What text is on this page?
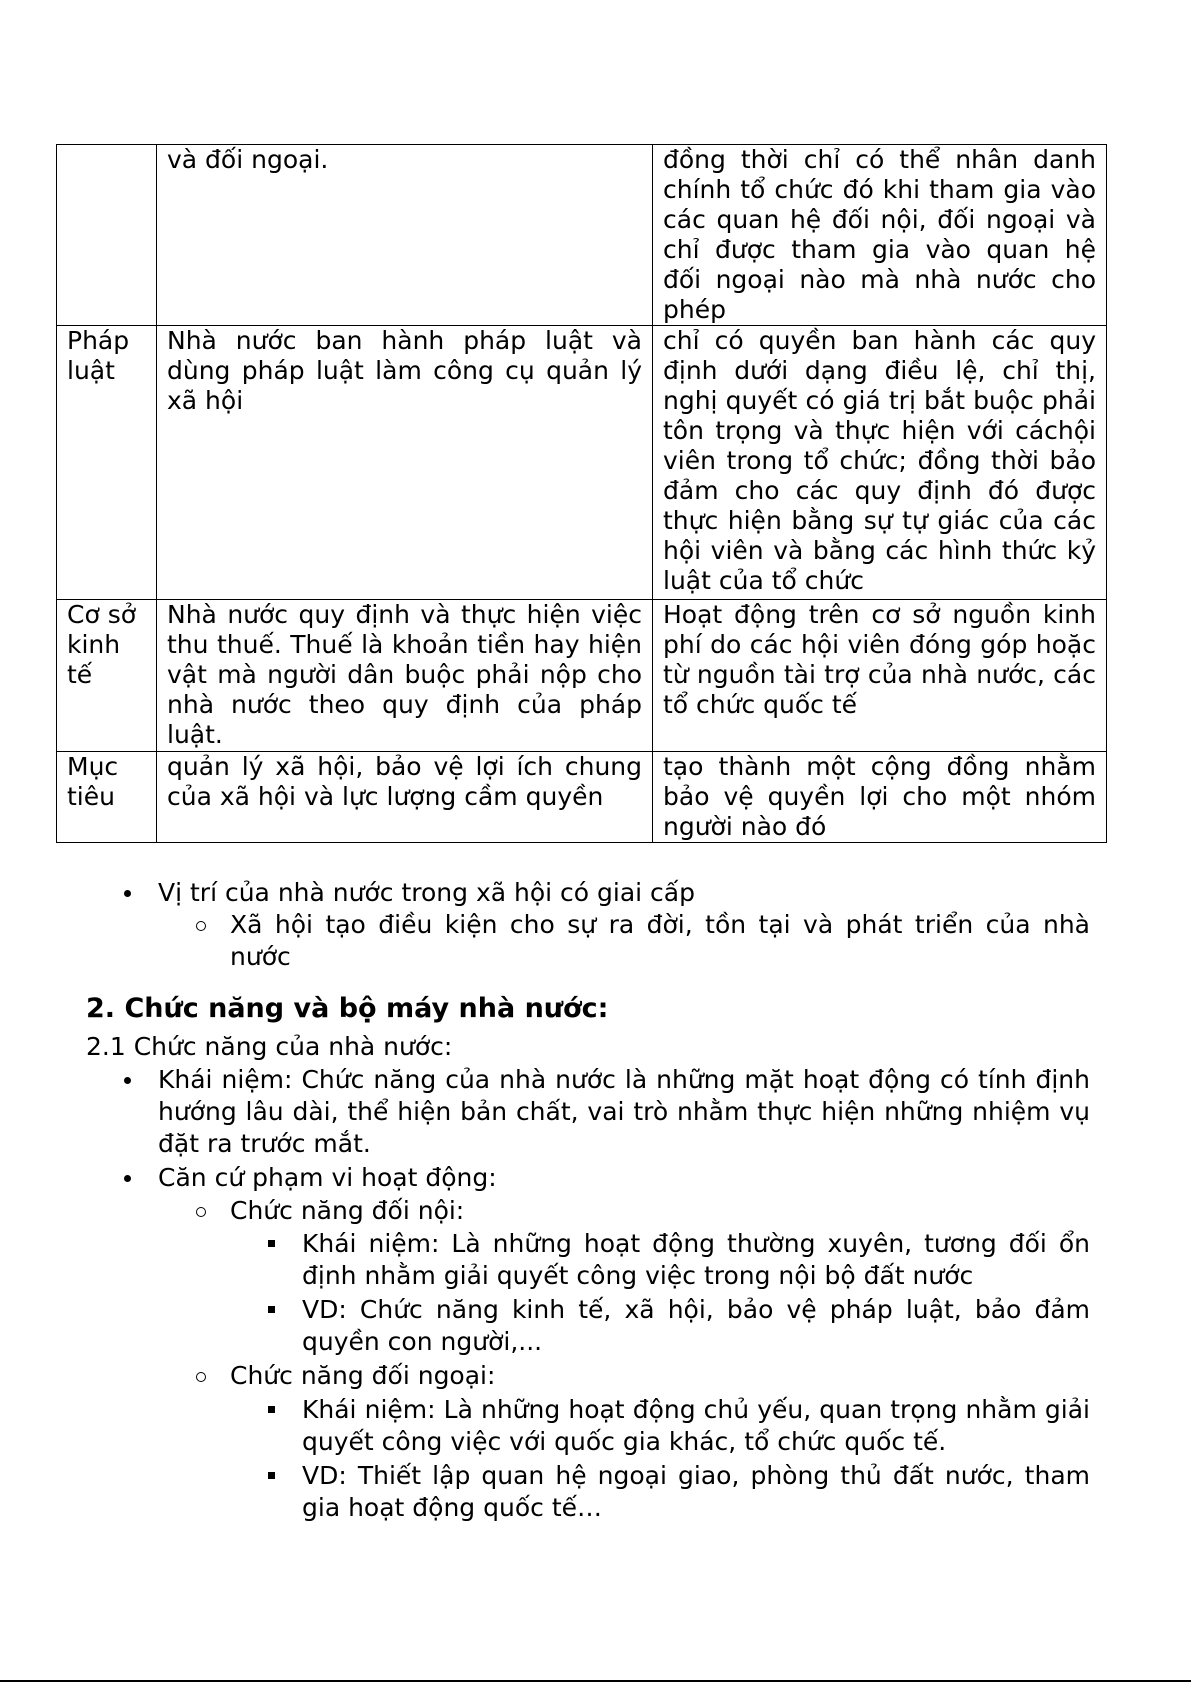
	và đối ngoại.	đồng thời chỉ có thể nhân danh chính tổ chức đó khi tham gia vào các quan hệ đối nội, đối ngoại và chỉ được tham gia vào quan hệ đối ngoại nào mà nhà nước cho phép
Pháp luật	Nhà nước ban hành pháp luật và dùng pháp luật làm công cụ quản lý xã hội	chỉ có quyền ban hành các quy định dưới dạng điều lệ, chỉ thị, nghị quyết có giá trị bắt buộc phải tôn trọng và thực hiện với cáchội viên trong tổ chức; đồng thời bảo đảm cho các quy định đó được thực hiện bằng sự tự giác của các hội viên và bằng các hình thức kỷ luật của tổ chức
Cơ sở kinh tế	Nhà nước quy định và thực hiện việc thu thuế. Thuế là khoản tiền hay hiện vật mà người dân buộc phải nộp cho nhà nước theo quy định của pháp luật.	Hoạt động trên cơ sở nguồn kinh phí do các hội viên đóng góp hoặc từ nguồn tài trợ của nhà nước, các tổ chức quốc tế
Mục tiêu	quản lý xã hội, bảo vệ lợi ích chung của xã hội và lực lượng cầm quyền	tạo thành một cộng đồng nhằm bảo vệ quyền lợi cho một nhóm người nào đó
Vị trí của nhà nước trong xã hội có giai cấp
Xã hội tạo điều kiện cho sự ra đời, tồn tại và phát triển của nhà nước
2. Chức năng và bộ máy nhà nước:
2.1 Chức năng của nhà nước:
Khái niệm: Chức năng của nhà nước là những mặt hoạt động có tính định hướng lâu dài, thể hiện bản chất, vai trò nhằm thực hiện những nhiệm vụ đặt ra trước mắt.
Căn cứ phạm vi hoạt động:
Chức năng đối nội:
Khái niệm: Là những hoạt động thường xuyên, tương đối ổn định nhằm giải quyết công việc trong nội bộ đất nước
VD: Chức năng kinh tế, xã hội, bảo vệ pháp luật, bảo đảm quyền con người,...
Chức năng đối ngoại:
Khái niệm: Là những hoạt động chủ yếu, quan trọng nhằm giải quyết công việc với quốc gia khác, tổ chức quốc tế.
VD: Thiết lập quan hệ ngoại giao, phòng thủ đất nước, tham gia hoạt động quốc tế…
